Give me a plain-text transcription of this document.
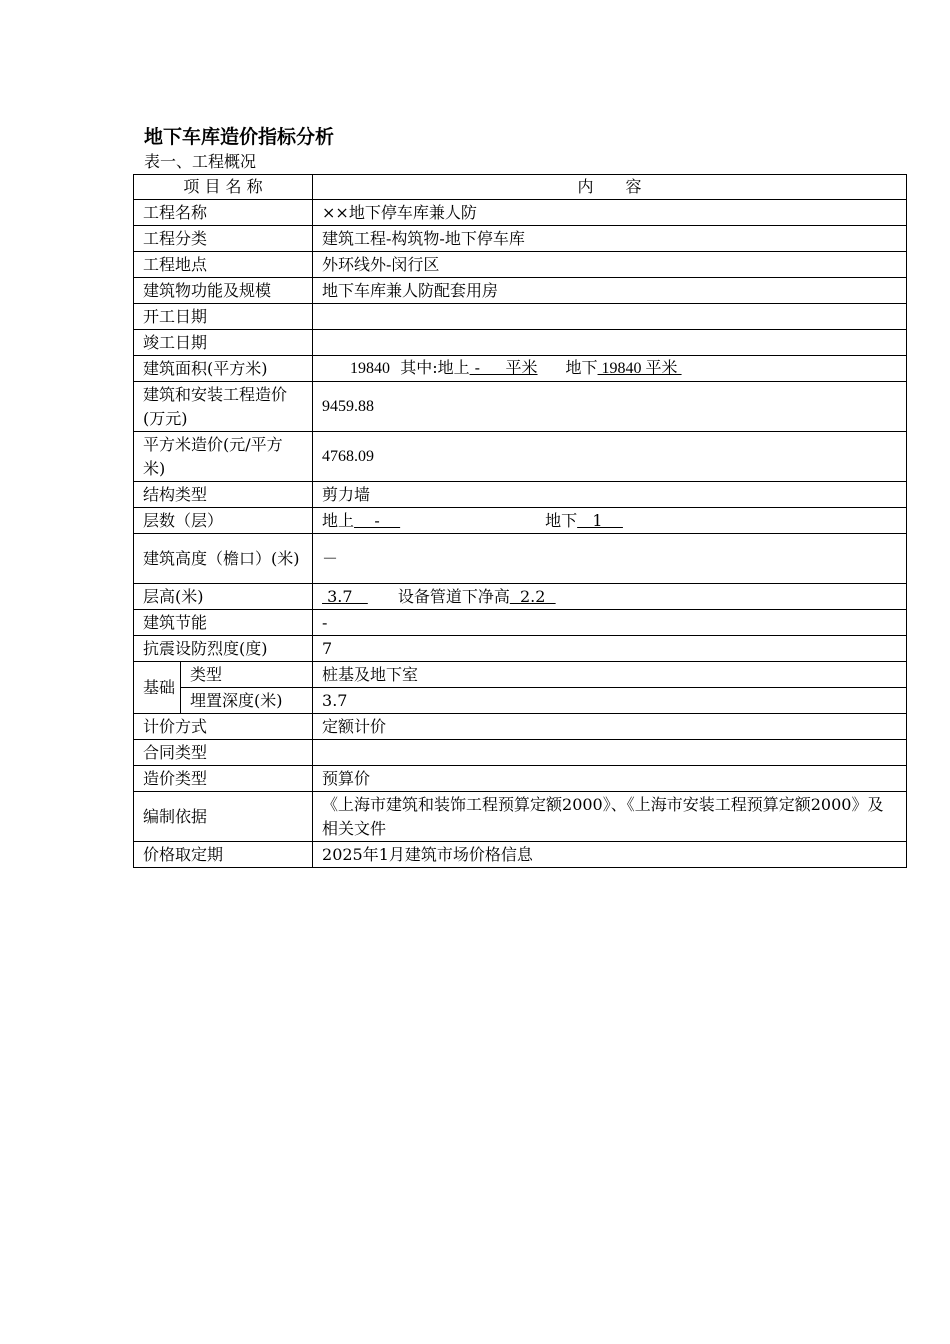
地下车库造价指标分析
表一、工程概况
项 目 名 称		内　　容
工程名称		××地下停车库兼人防
工程分类		建筑工程-构筑物-地下停车库
工程地点		外环线外-闵行区
建筑物功能及规模		地下车库兼人防配套用房
开工日期		
竣工日期		
建筑面积(平方米)		19840 其中:地上 -     平米 地下 19840 平米
建筑和安装工程造价(万元)		9459.88
平方米造价(元/平方米)		4768.09
结构类型		剪力墙
层数（层）		地上    - 地下   1
建筑高度（檐口）(米)		－
层高(米)		3.7   设备管道下净高  2.2
建筑节能		-
抗震设防烈度(度)		7
基础	类型	桩基及地下室
	埋置深度(米)	3.7
计价方式		定额计价
合同类型		
造价类型		预算价
编制依据		《上海市建筑和装饰工程预算定额2000》、《上海市安装工程预算定额2000》及相关文件
价格取定期		2025年1月建筑市场价格信息
